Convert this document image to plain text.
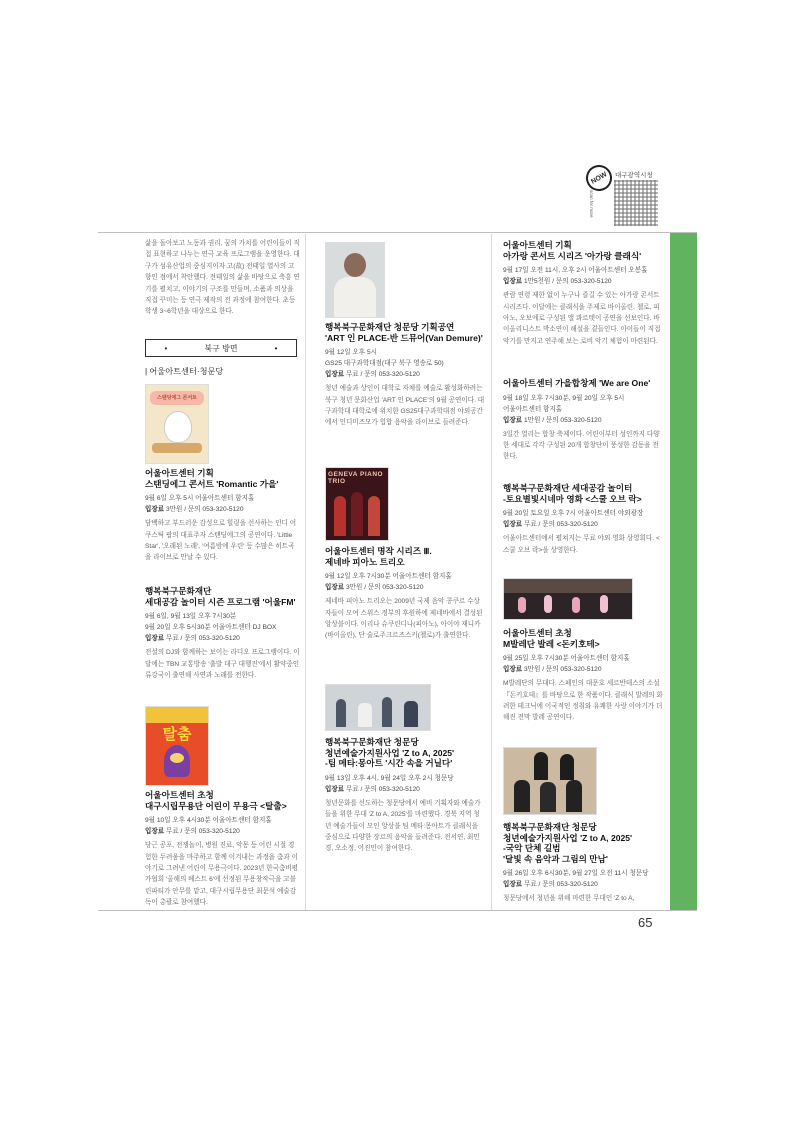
NOW	대구광역시청
scan for more
65

삶을 돌아보고 노동과 권리, 꿈의 가치를 어린이들이 직접 표현하고 나누는 연극 교육 프로그램을 운영한다. 대구가 섬유산업의 중심지이자 고(故) 전태일 열사의 고향인 점에서 착안했다. 전태일의 삶을 바탕으로 축흥 연기를 펼치고, 이야기의 구조를 만들며, 소품과 의상을 직접 꾸미는 등 연극 제작의 전 과정에 참여한다. 초등학생 3~6학년을 대상으로 한다.

•	북구 방면	•
| 어울아트센터·청문당
스탠딩에그 콘서트

어울아트센터 기획
스탠딩에그 콘서트 'Romantic 가을'

9월 6일 오후 5시 어울아트센터 함지홀

입장료 3만원 / 문의 053-320-5120

담백하고 부드러운 감성으로 힐링을 선사하는 인디 어쿠스틱 팝의 대표주자 스탠딩에그의 공연이다. 'Little Star', '오래된 노래', '여름밤에 우린' 등 수많은 히트곡을 라이브로 만날 수 있다.

행복북구문화재단
세대공감 놀이터 시즌 프로그램 '어울FM'

9월 6일, 9월 13일 오후 7시30분

9월 20일 오후 5시30분 어울아트센터 DJ BOX

입장료 무료 / 문의 053-320-5120

전설의 DJ와 함께하는 보이는 라디오 프로그램이다. 이달에는 TBN 교통방송 '출발 대구 대행진'에서 활약중인 류강국이 출연해 사연과 노래를 전한다.

탈춤

어울아트센터 초청
대구시립무용단 어린이 무용극 <탈출>

9월 10일 오후 4시30분 어울아트센터 함지홀

입장료 무료 / 문의 053-320-5120

당근 공포, 전쟁놀이, 병원 진료, 악몽 등 어린 시절 경험한 두려움을 마주하고 함께 이겨내는 과정을 춤과 이야기로 그려낸 어린이 무용극이다. 2023년 한국춤비평가협회 '올해의 베스트 6'에 선정된 무용창작극을 고블린파티가 안무를 맡고, 대구시립무용단 최문석 예술감독이 총괄로 참여했다.

행복북구문화재단 청문당 기획공연
'ART 인 PLACE-반 드뮤어(Van Demure)'

9월 12일 오후 5시

GS25 대구과학대점(대구 북구 영송로 50)

입장료 무료 / 문의 053-320-5120

청년 예술과 상인이 대학로 자체를 예술로 활성화하려는 북구 청년 문화산업 'ART 인 PLACE'의 9월 공연이다. 대구과학대 대학로에 위치한 GS25대구과학대점 야외공간에서 인디미즈모가 힙합 음악을 라이브로 들려준다.

GENEVA PIANO TRIO

어울아트센터 명작 시리즈 Ⅲ.
제네바 피아노 트리오

9월 12일 오후 7시30분 어울아트센터 함지홀

입장료 3만원 / 문의 053-320-5120

제네바 피아노 트리오는 2009년 국제 음악 콩쿠르 수상자들이 모여 스위스 정부의 후원하에 제네바에서 결성된 앙상블이다. 이리나 슈쿠린디나(피아노), 아이야 재니카(바이올린), 단 술로주크르즈스키(첼로)가 출연한다.

행복북구문화재단 청문당
청년예술가지원사업 'Z to A, 2025'
-팀 메타:몽아트 '시간 속을 거닐다'

9월 13일 오후 4시, 9월 24일 오후 2시 청문당

입장료 무료 / 문의 053-320-5120

청년문화를 선도하는 청문당에서 예비 기획자와 예술가들을 위한 무대 'Z to A, 2025'를 마련했다. 경북 지역 청년 예술가들이 모인 앙상블 팀 메타:몽아트가 클래식을 중심으로 다양한 장르의 음악을 들려준다. 전서연, 최민경, 오소정, 이진민이 참여한다.

어울아트센터 기획
아가랑 콘서트 시리즈 '아가랑 클래식'

9월 17일 오전 11시, 오후 2시 어울아트센터 오봉홀

입장료 1만5천원 / 문의 053-320-5120

관람 연령 제한 없이 누구나 즐길 수 있는 아가랑 콘서트 시리즈다. 이달에는 클래식을 주제로 바이올린, 첼로, 피아노, 오보에로 구성된 앨 콰르텟이 공연을 선보인다. 바이올리니스트 박소연이 해설을 곁들인다. 아이들이 직접 악기를 만지고 연주해 보는 로비 악기 체험이 마련된다.

어울아트센터 가을합창제 'We are One'

9월 18일 오후 7시30분, 9월 20일 오후 5시

어울아트센터 함지홀

입장료 1만원 / 문의 053-320-5120

3일간 열리는 합창 축제이다. 어린이부터 성인까지 다양한 세대로 각각 구성된 20개 합창단이 풍성한 감동을 전한다.

행복북구문화재단 세대공감 놀이터
-토요별빛시네마 영화 <스쿨 오브 락>

9월 20일 토요일 오후 7시 어울아트센터 야외광장

입장료 무료 / 문의 053-320-5120

어울아트센터에서 펼쳐지는 무료 야외 영화 상영회다. <스쿨 오브 락>을 상영한다.

어울아트센터 초청
M발레단 발레 <돈키호테>

9월 25일 오후 7시30분 어울아트센터 함지홀

입장료 3만원 / 문의 053-320-5120

M발레단의 무대다. 스페인의 대문호 세르반테스의 소설 『돈키호테』를 바탕으로 한 작품이다. 클래식 발레의 화려한 테크닉에 이국적인 정취와 유쾌한 사랑 이야기가 더해진 전막 발레 공연이다.

행복북구문화재단 청문당
청년예술가지원사업 'Z to A, 2025'
-국악 단체 길범
'달빛 속 음악과 그림의 만남'

9월 26일 오후 6시30분, 9월 27일 오전 11시 청문당

입장료 무료 / 문의 053-320-5120

청문당에서 청년을 위해 마련한 무대인 'Z to A,
